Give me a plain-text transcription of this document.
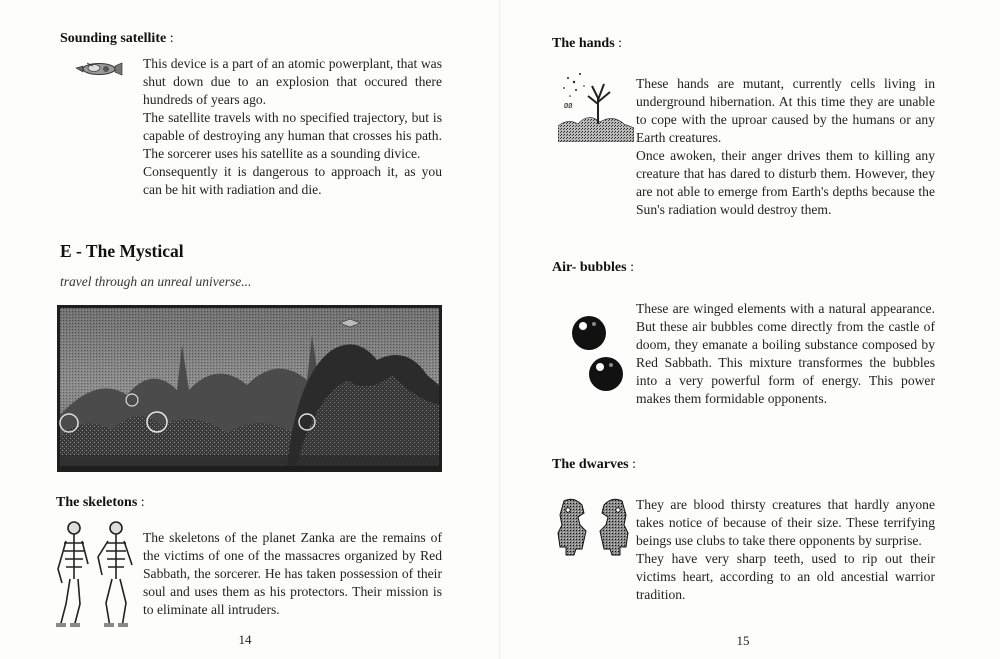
Sounding satellite :

This device is a part of an atomic powerplant, that was shut down due to an explosion that occured there hundreds of years ago.

The satellite travels with no specified trajectory, but is capable of destroying any human that crosses his path. The sorcerer uses his satellite as a sounding divice.

Consequently it is dangerous to approach it, as you can be hit with radiation and die.

E - The Mystical
travel through an unreal universe...
The skeletons :
The skeletons of the planet Zanka are the remains of the victims of one of the massacres organized by Red Sabbath, the sorcerer. He has taken possession of their soul and uses them as his protectors. Their mission is to eliminate all intruders.
14
The hands :
ØØ

These hands are mutant, currently cells living in underground hibernation. At this time they are unable to cope with the uproar caused by the humans or any Earth creatures.

Once awoken, their anger drives them to killing any creature that has dared to disturb them. However, they are not able to emerge from Earth's depths because the Sun's radiation would destroy them.

Air- bubbles :
These are winged elements with a natural appearance. But these air bubbles come directly from the castle of doom, they emanate a boiling substance composed by Red Sabbath. This mixture transformes the bubbles into a very powerful form of energy. This power makes them formidable opponents.
The dwarves :

They are blood thirsty creatures that hardly anyone takes notice of because of their size. These terrifying beings use clubs to take there opponents by surprise.

They have very sharp teeth, used to rip out their victims heart, according to an old ancestial warrior tradition.

15
